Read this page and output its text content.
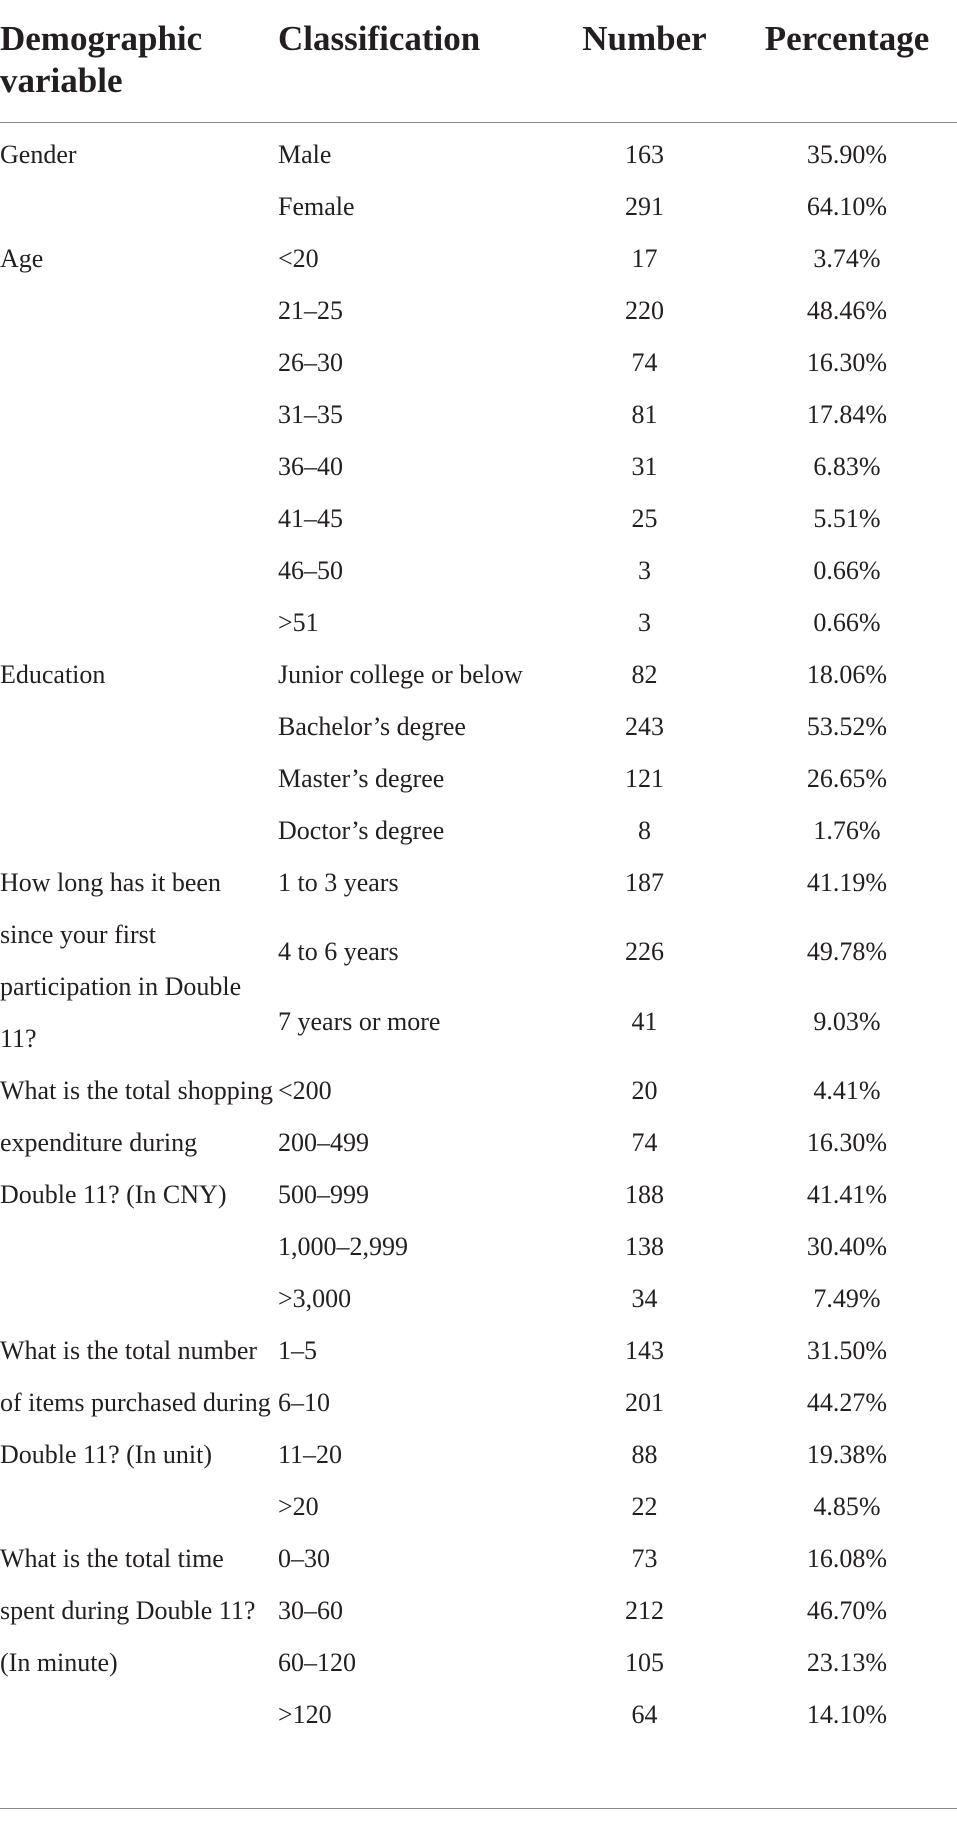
Demographic variable	Classification	Number	Percentage
Gender	Male	163	35.90%
	Female	291	64.10%
Age	<20	17	3.74%
	21–25	220	48.46%
	26–30	74	16.30%
	31–35	81	17.84%
	36–40	31	6.83%
	41–45	25	5.51%
	46–50	3	0.66%
	>51	3	0.66%
Education	Junior college or below	82	18.06%
	Bachelor’s degree	243	53.52%
	Master’s degree	121	26.65%
	Doctor’s degree	8	1.76%
How long has it been since your first participation in Double 11?	1 to 3 years	187	41.19%
	4 to 6 years	226	49.78%
	7 years or more	41	9.03%
What is the total shopping expenditure during Double 11? (In CNY)	<200	20	4.41%
	200–499	74	16.30%
	500–999	188	41.41%
	1,000–2,999	138	30.40%
	>3,000	34	7.49%
What is the total number of items purchased during Double 11? (In unit)	1–5	143	31.50%
	6–10	201	44.27%
	11–20	88	19.38%
	>20	22	4.85%
What is the total time spent during Double 11? (In minute)	0–30	73	16.08%
	30–60	212	46.70%
	60–120	105	23.13%
	>120	64	14.10%
